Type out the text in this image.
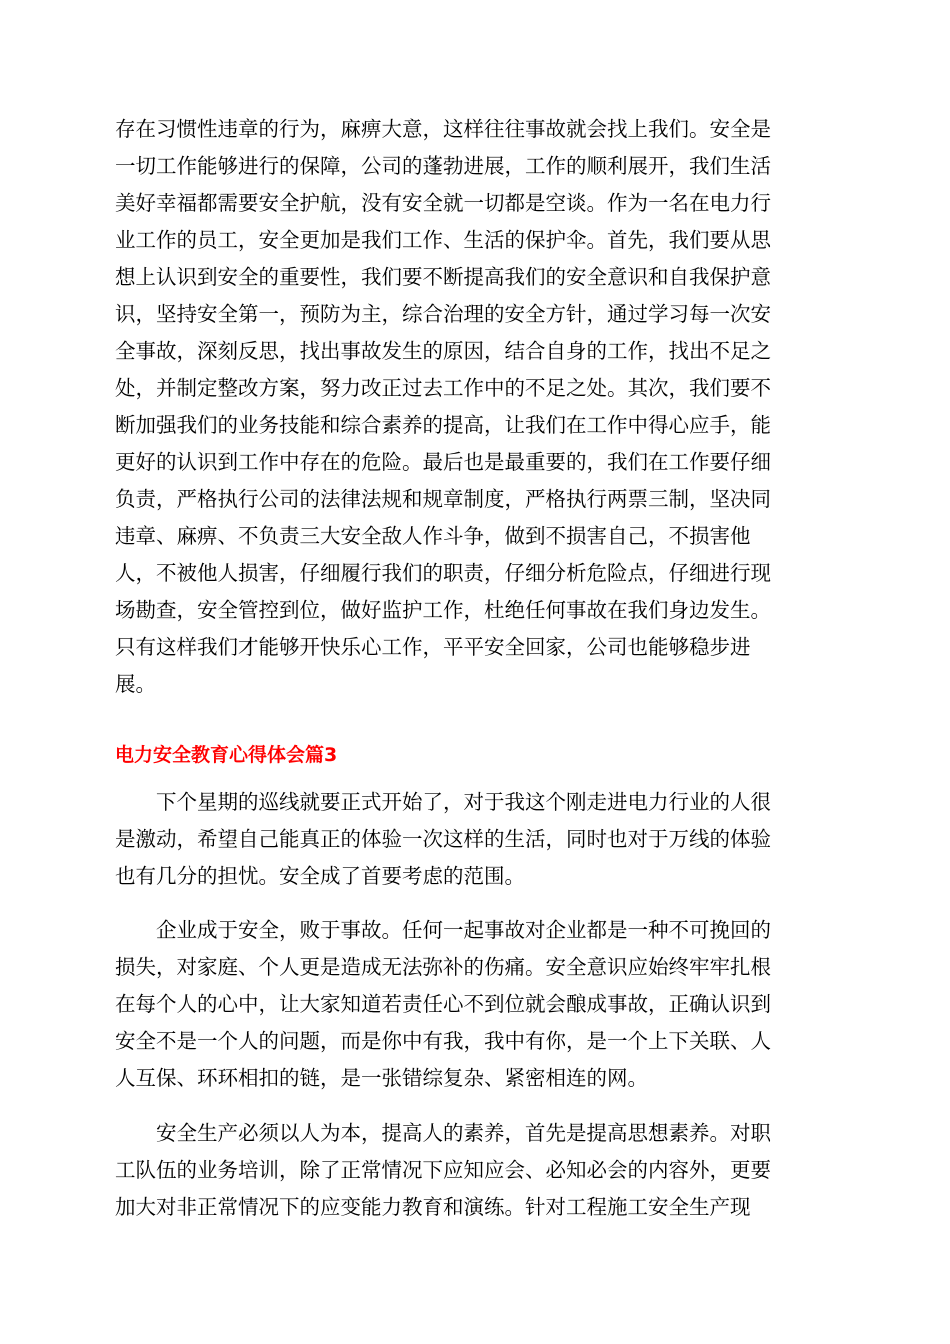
存在习惯性违章的行为，麻痹大意，这样往往事故就会找上我们。安全是
一切工作能够进行的保障，公司的蓬勃进展，工作的顺利展开，我们生活
美好幸福都需要安全护航，没有安全就一切都是空谈。作为一名在电力行
业工作的员工，安全更加是我们工作、生活的保护伞。首先，我们要从思
想上认识到安全的重要性，我们要不断提高我们的安全意识和自我保护意
识，坚持安全第一，预防为主，综合治理的安全方针，通过学习每一次安
全事故，深刻反思，找出事故发生的原因，结合自身的工作，找出不足之
处，并制定整改方案，努力改正过去工作中的不足之处。其次，我们要不
断加强我们的业务技能和综合素养的提高，让我们在工作中得心应手，能
更好的认识到工作中存在的危险。最后也是最重要的，我们在工作要仔细
负责，严格执行公司的法律法规和规章制度，严格执行两票三制，坚决同
违章、麻痹、不负责三大安全敌人作斗争，做到不损害自己，不损害他
人，不被他人损害，仔细履行我们的职责，仔细分析危险点，仔细进行现
场勘查，安全管控到位，做好监护工作，杜绝任何事故在我们身边发生。
只有这样我们才能够开快乐心工作，平平安全回家，公司也能够稳步进
展。
电力安全教育心得体会篇3
下个星期的巡线就要正式开始了，对于我这个刚走进电力行业的人很
是激动，希望自己能真正的体验一次这样的生活，同时也对于万线的体验
也有几分的担忧。安全成了首要考虑的范围。
企业成于安全，败于事故。任何一起事故对企业都是一种不可挽回的
损失，对家庭、个人更是造成无法弥补的伤痛。安全意识应始终牢牢扎根
在每个人的心中，让大家知道若责任心不到位就会酿成事故，正确认识到
安全不是一个人的问题，而是你中有我，我中有你，是一个上下关联、人
人互保、环环相扣的链，是一张错综复杂、紧密相连的网。
安全生产必须以人为本，提高人的素养，首先是提高思想素养。对职
工队伍的业务培训，除了正常情况下应知应会、必知必会的内容外，更要
加大对非正常情况下的应变能力教育和演练。针对工程施工安全生产现
